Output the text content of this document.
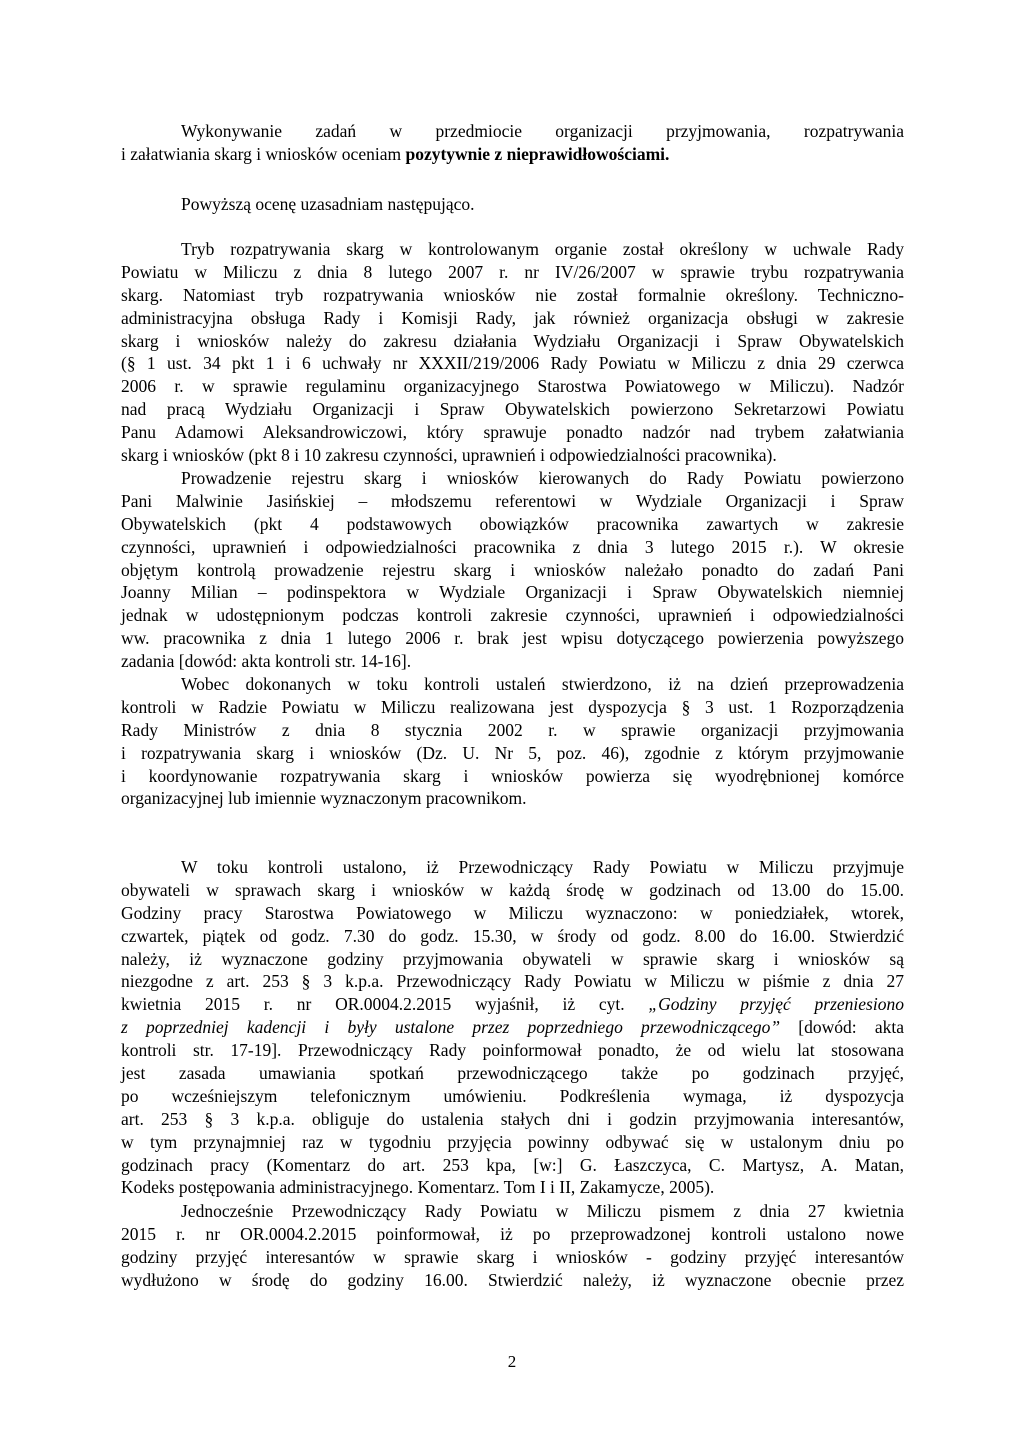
Wykonywanie zadań w przedmiocie organizacji przyjmowania, rozpatrywania
i załatwiania skarg i wniosków oceniam pozytywnie z nieprawidłowościami.
Powyższą ocenę uzasadniam następująco.
Tryb rozpatrywania skarg w kontrolowanym organie został określony w uchwale Rady
Powiatu w Miliczu z dnia 8 lutego 2007 r. nr IV/26/2007 w sprawie trybu rozpatrywania
skarg. Natomiast tryb rozpatrywania wniosków nie został formalnie określony. Techniczno-
administracyjna obsługa Rady i Komisji Rady, jak również organizacja obsługi w zakresie
skarg i wniosków należy do zakresu działania Wydziału Organizacji i Spraw Obywatelskich
(§ 1 ust. 34 pkt 1 i 6 uchwały nr XXXII/219/2006 Rady Powiatu w Miliczu z dnia 29 czerwca
2006 r. w sprawie regulaminu organizacyjnego Starostwa Powiatowego w Miliczu). Nadzór
nad pracą Wydziału Organizacji i Spraw Obywatelskich powierzono Sekretarzowi Powiatu
Panu Adamowi Aleksandrowiczowi, który sprawuje ponadto nadzór nad trybem załatwiania
skarg i wniosków (pkt 8 i 10 zakresu czynności, uprawnień i odpowiedzialności pracownika).
Prowadzenie rejestru skarg i wniosków kierowanych do Rady Powiatu powierzono
Pani Malwinie Jasińskiej – młodszemu referentowi w Wydziale Organizacji i Spraw
Obywatelskich (pkt 4 podstawowych obowiązków pracownika zawartych w zakresie
czynności, uprawnień i odpowiedzialności pracownika z dnia 3 lutego 2015 r.). W okresie
objętym kontrolą prowadzenie rejestru skarg i wniosków należało ponadto do zadań Pani
Joanny Milian – podinspektora w Wydziale Organizacji i Spraw Obywatelskich niemniej
jednak w udostępnionym podczas kontroli zakresie czynności, uprawnień i odpowiedzialności
ww. pracownika z dnia 1 lutego 2006 r. brak jest wpisu dotyczącego powierzenia powyższego
zadania [dowód: akta kontroli str. 14-16].
Wobec dokonanych w toku kontroli ustaleń stwierdzono, iż na dzień przeprowadzenia
kontroli w Radzie Powiatu w Miliczu realizowana jest dyspozycja § 3 ust. 1 Rozporządzenia
Rady Ministrów z dnia 8 stycznia 2002 r. w sprawie organizacji przyjmowania
i rozpatrywania skarg i wniosków (Dz. U. Nr 5, poz. 46), zgodnie z którym przyjmowanie
i koordynowanie rozpatrywania skarg i wniosków powierza się wyodrębnionej komórce
organizacyjnej lub imiennie wyznaczonym pracownikom.
W toku kontroli ustalono, iż Przewodniczący Rady Powiatu w Miliczu przyjmuje
obywateli w sprawach skarg i wniosków w każdą środę w godzinach od 13.00 do 15.00.
Godziny pracy Starostwa Powiatowego w Miliczu wyznaczono: w poniedziałek, wtorek,
czwartek, piątek od godz. 7.30 do godz. 15.30, w środy od godz. 8.00 do 16.00. Stwierdzić
należy, iż wyznaczone godziny przyjmowania obywateli w sprawie skarg i wniosków są
niezgodne z art. 253 § 3 k.p.a. Przewodniczący Rady Powiatu w Miliczu w piśmie z dnia 27
kwietnia 2015 r. nr OR.0004.2.2015 wyjaśnił, iż cyt. „Godziny przyjęć przeniesiono
z poprzedniej kadencji i były ustalone przez poprzedniego przewodniczącego” [dowód: akta
kontroli str. 17-19]. Przewodniczący Rady poinformował ponadto, że od wielu lat stosowana
jest zasada umawiania spotkań przewodniczącego także po godzinach przyjęć,
po wcześniejszym telefonicznym umówieniu. Podkreślenia wymaga, iż dyspozycja
art. 253 § 3 k.p.a. obliguje do ustalenia stałych dni i godzin przyjmowania interesantów,
w tym przynajmniej raz w tygodniu przyjęcia powinny odbywać się w ustalonym dniu po
godzinach pracy (Komentarz do art. 253 kpa, [w:] G. Łaszczyca, C. Martysz, A. Matan,
Kodeks postępowania administracyjnego. Komentarz. Tom I i II, Zakamycze, 2005).
Jednocześnie Przewodniczący Rady Powiatu w Miliczu pismem z dnia 27 kwietnia
2015 r. nr OR.0004.2.2015 poinformował, iż po przeprowadzonej kontroli ustalono nowe
godziny przyjęć interesantów w sprawie skarg i wniosków - godziny przyjęć interesantów
wydłużono w środę do godziny 16.00. Stwierdzić należy, iż wyznaczone obecnie przez
2
